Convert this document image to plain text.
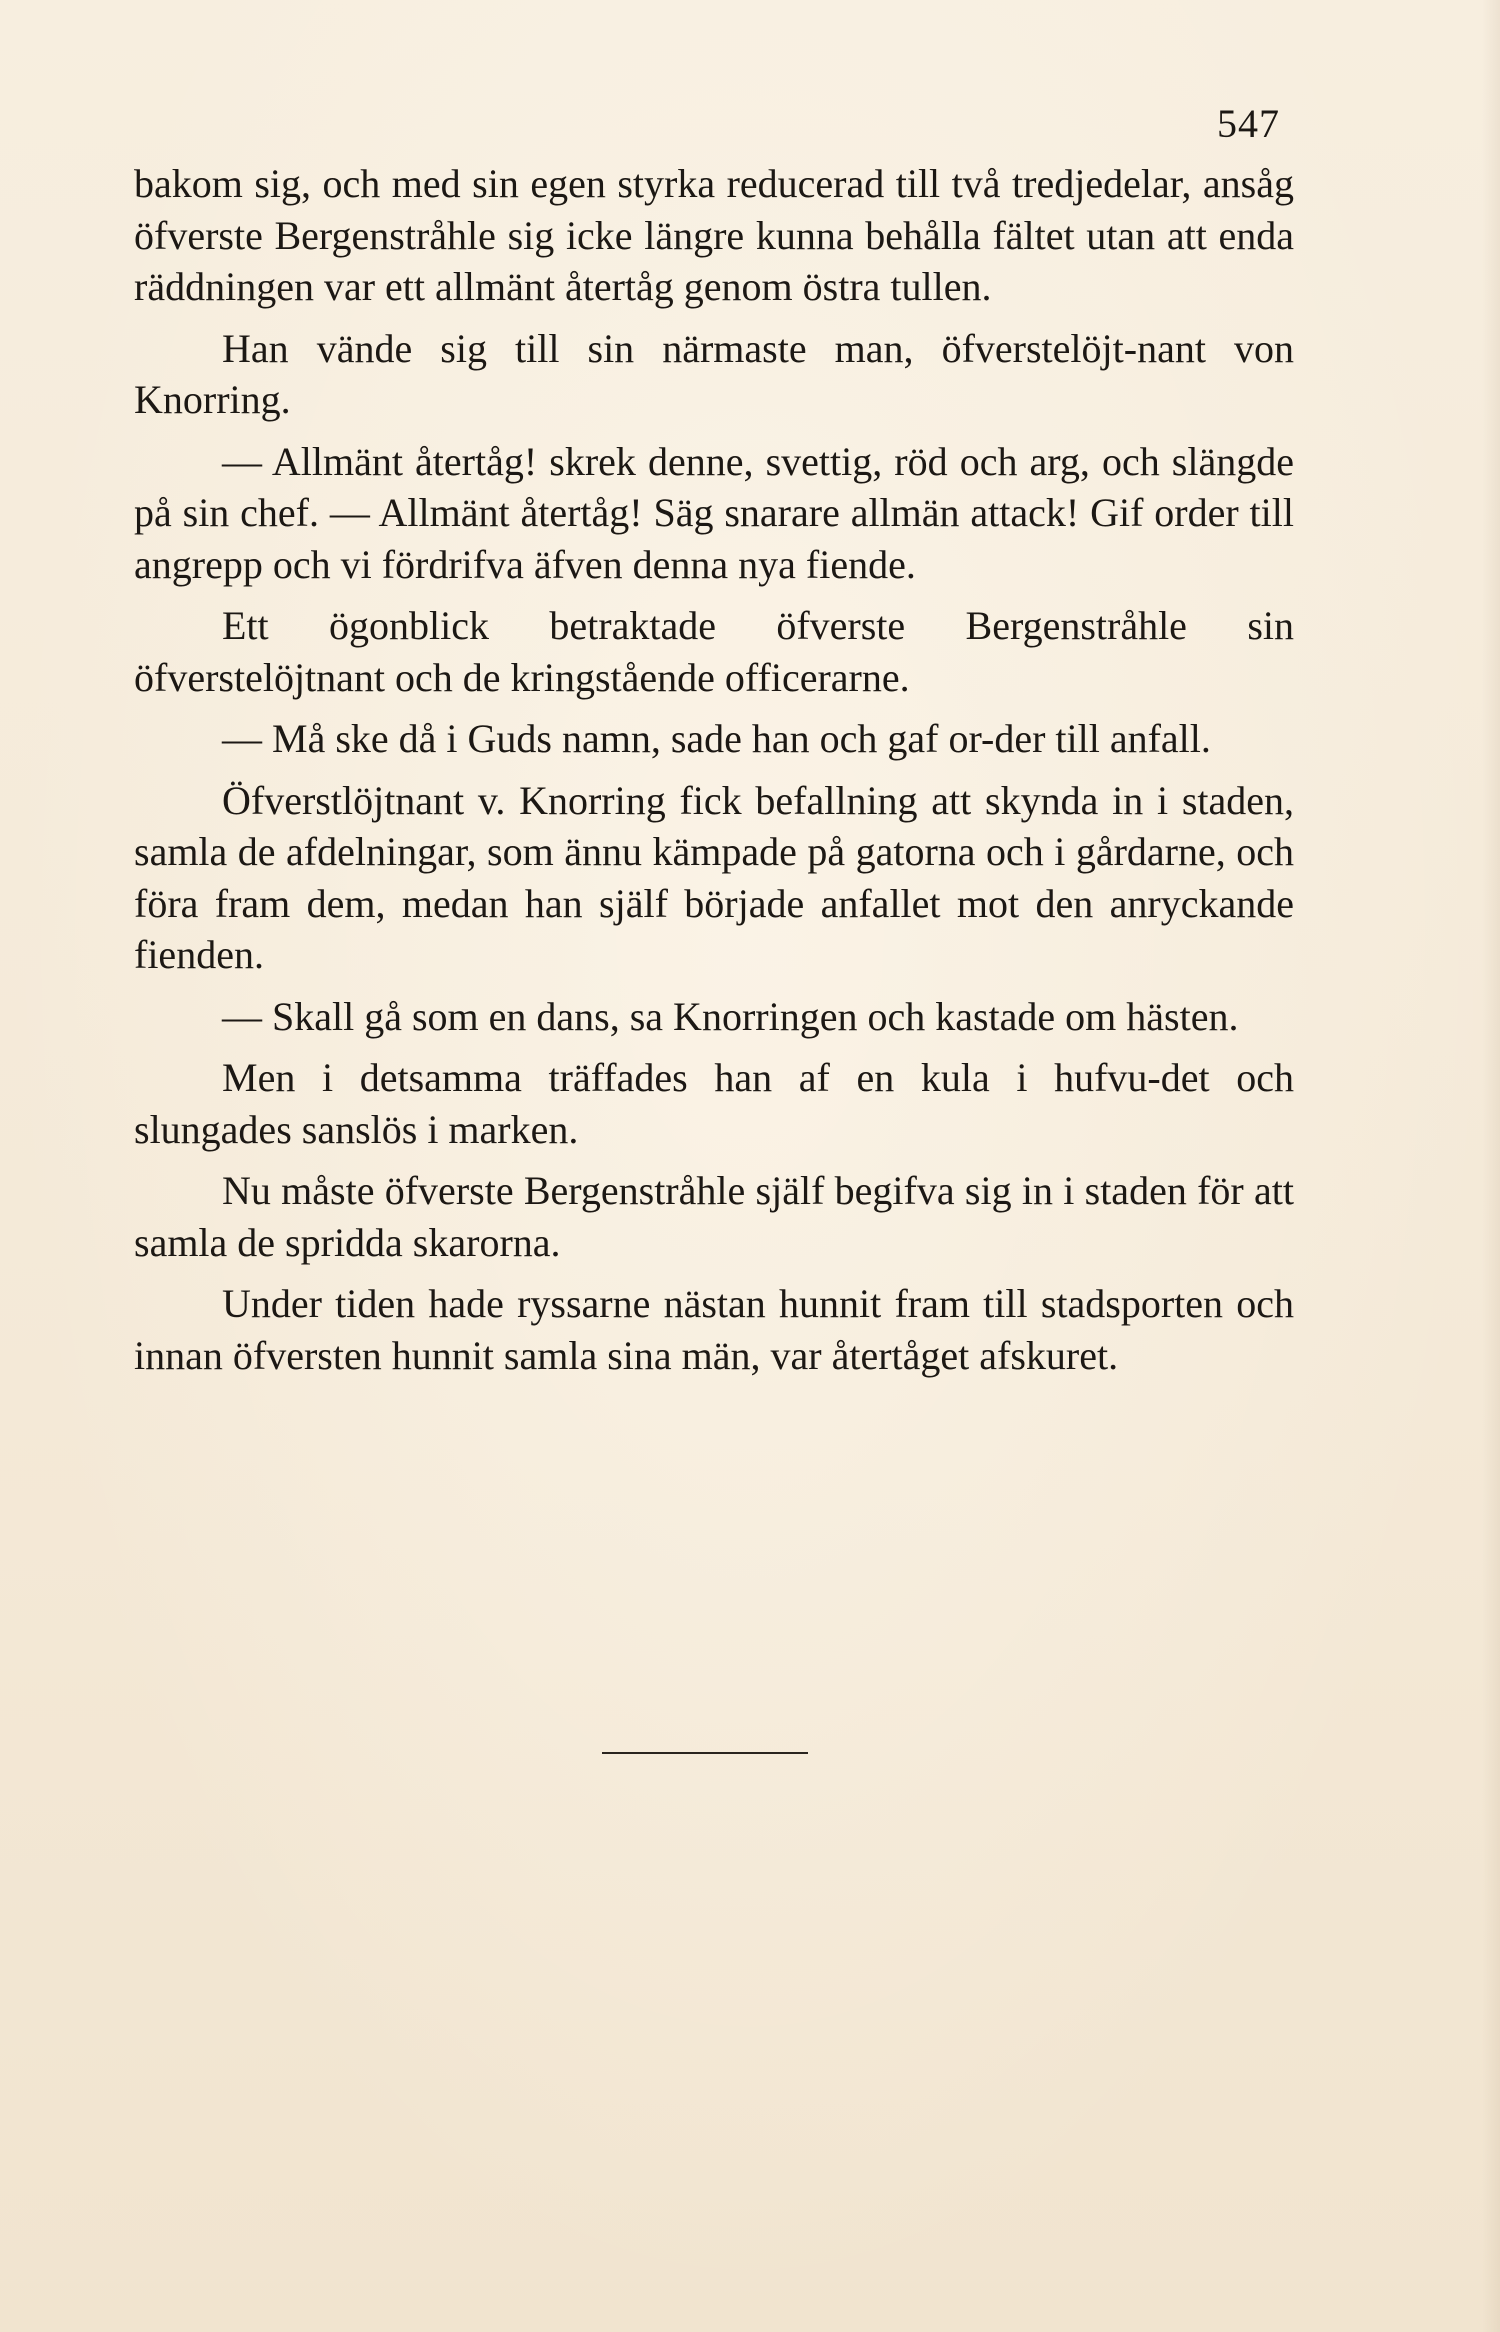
547

bakom sig, och med sin egen styrka reducerad till två tredjedelar, ansåg öfverste Bergenstråhle sig icke längre kunna behålla fältet utan att enda räddningen var ett allmänt återtåg genom östra tullen.

Han vände sig till sin närmaste man, öfverstelöjt-nant von Knorring.

— Allmänt återtåg! skrek denne, svettig, röd och arg, och slängde på sin chef. — Allmänt återtåg! Säg snarare allmän attack! Gif order till angrepp och vi fördrifva äfven denna nya fiende.

Ett ögonblick betraktade öfverste Bergenstråhle sin öfverstelöjtnant och de kringstående officerarne.

— Må ske då i Guds namn, sade han och gaf or-der till anfall.

Öfverstlöjtnant v. Knorring fick befallning att skynda in i staden, samla de afdelningar, som ännu kämpade på gatorna och i gårdarne, och föra fram dem, medan han själf började anfallet mot den anryckande fienden.

— Skall gå som en dans, sa Knorringen och kastade om hästen.

Men i detsamma träffades han af en kula i hufvu-det och slungades sanslös i marken.

Nu måste öfverste Bergenstråhle själf begifva sig in i staden för att samla de spridda skarorna.

Under tiden hade ryssarne nästan hunnit fram till stadsporten och innan öfversten hunnit samla sina män, var återtåget afskuret.
